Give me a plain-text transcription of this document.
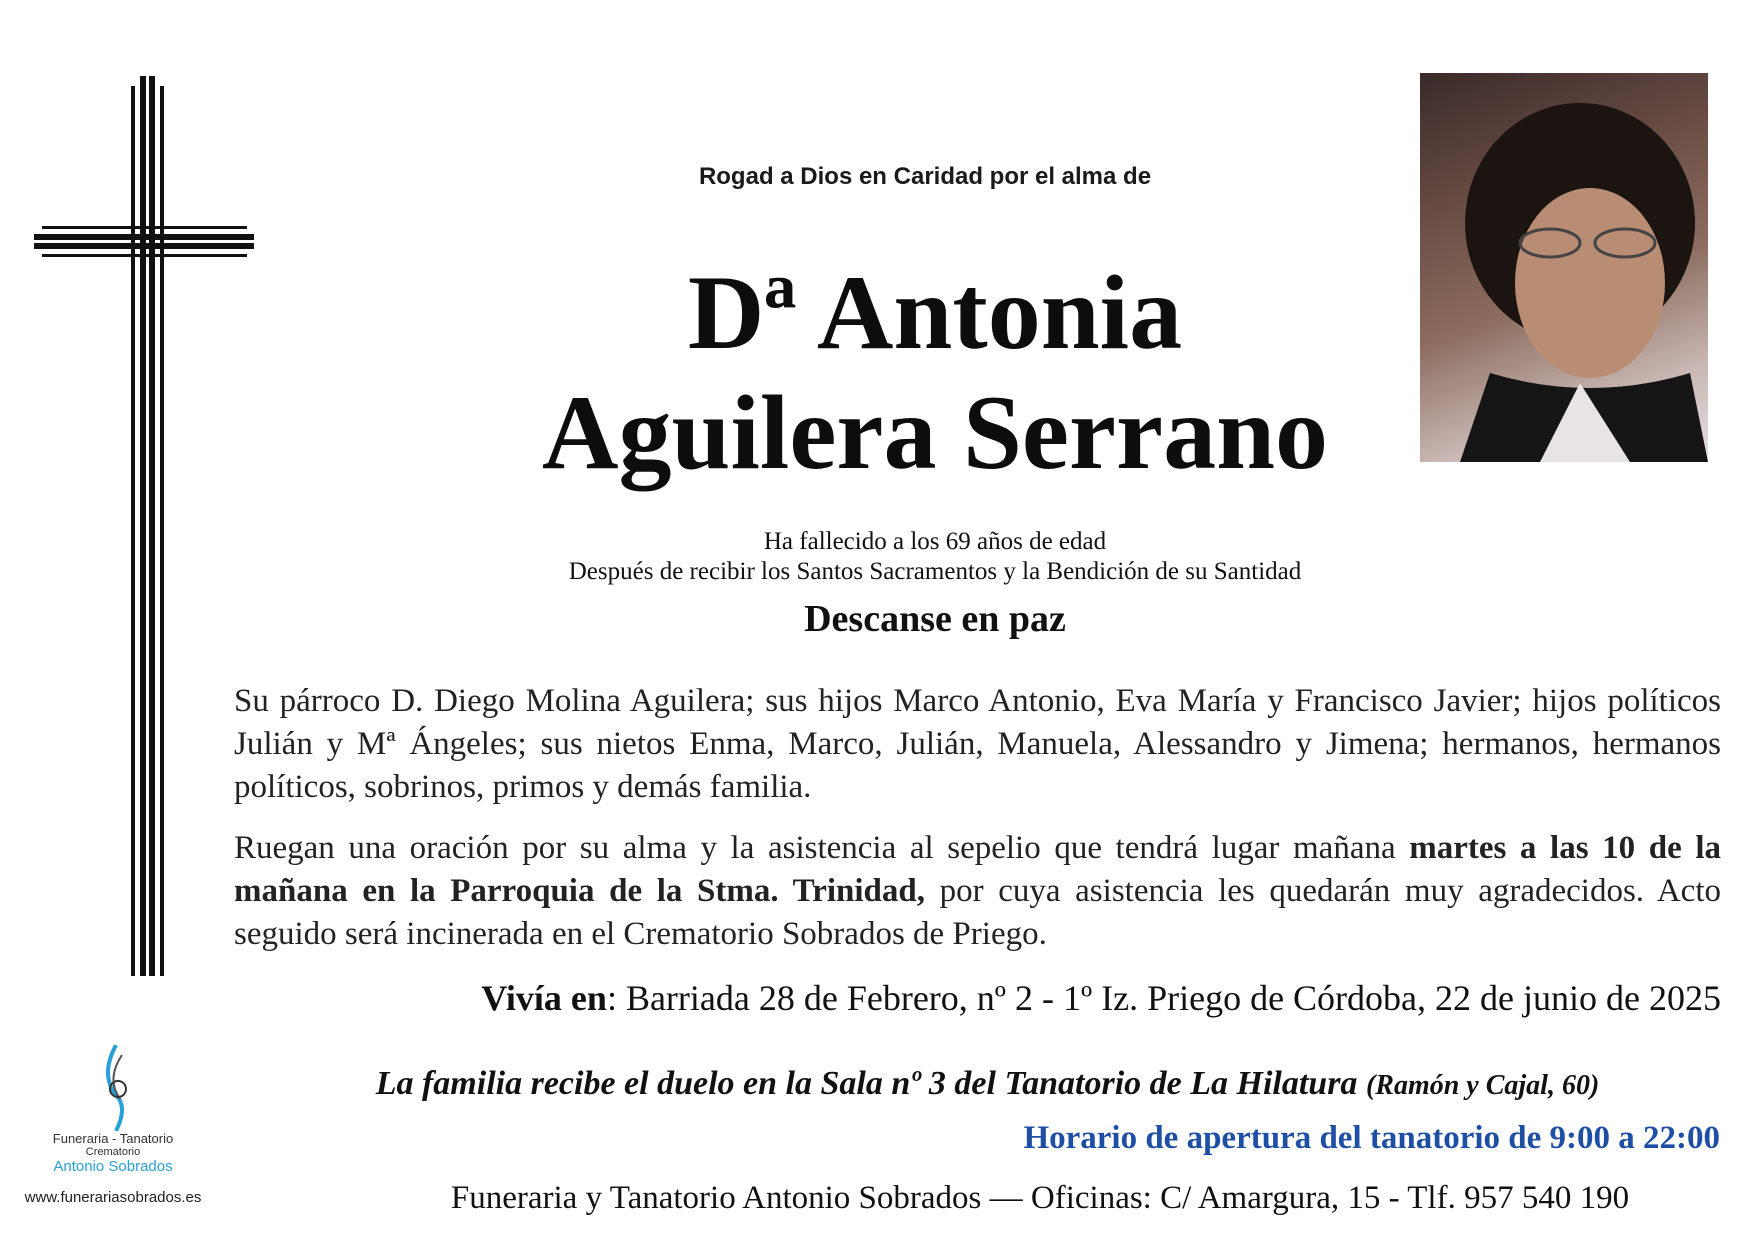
Rogad a Dios en Caridad por el alma de
Dª Antonia
Aguilera Serrano
Ha fallecido a los 69 años de edad
Después de recibir los Santos Sacramentos y la Bendición de su Santidad
Descanse en paz
Su párroco D. Diego Molina Aguilera; sus hijos Marco Antonio, Eva María y Francisco Javier; hijos políticos Julián y Mª Ángeles; sus nietos Enma, Marco, Julián, Manuela, Alessandro y Jimena; hermanos, hermanos políticos, sobrinos, primos y demás familia.
Ruegan una oración por su alma y la asistencia al sepelio que tendrá lugar mañana martes a las 10 de la mañana en la Parroquia de la Stma. Trinidad, por cuya asistencia les quedarán muy agradecidos. Acto seguido será incinerada en el Crematorio Sobrados de Priego.
Vivía en: Barriada 28 de Febrero, nº 2 - 1º Iz. Priego de Córdoba, 22 de junio de 2025
La familia recibe el duelo en la Sala nº 3 del Tanatorio de La Hilatura (Ramón y Cajal, 60)
Horario de apertura del tanatorio de 9:00 a 22:00
Funeraria y Tanatorio Antonio Sobrados — Oficinas: C/ Amargura, 15 - Tlf. 957 540 190
Funeraria - Tanatorio
Crematorio
Antonio Sobrados
www.funerariasobrados.es
